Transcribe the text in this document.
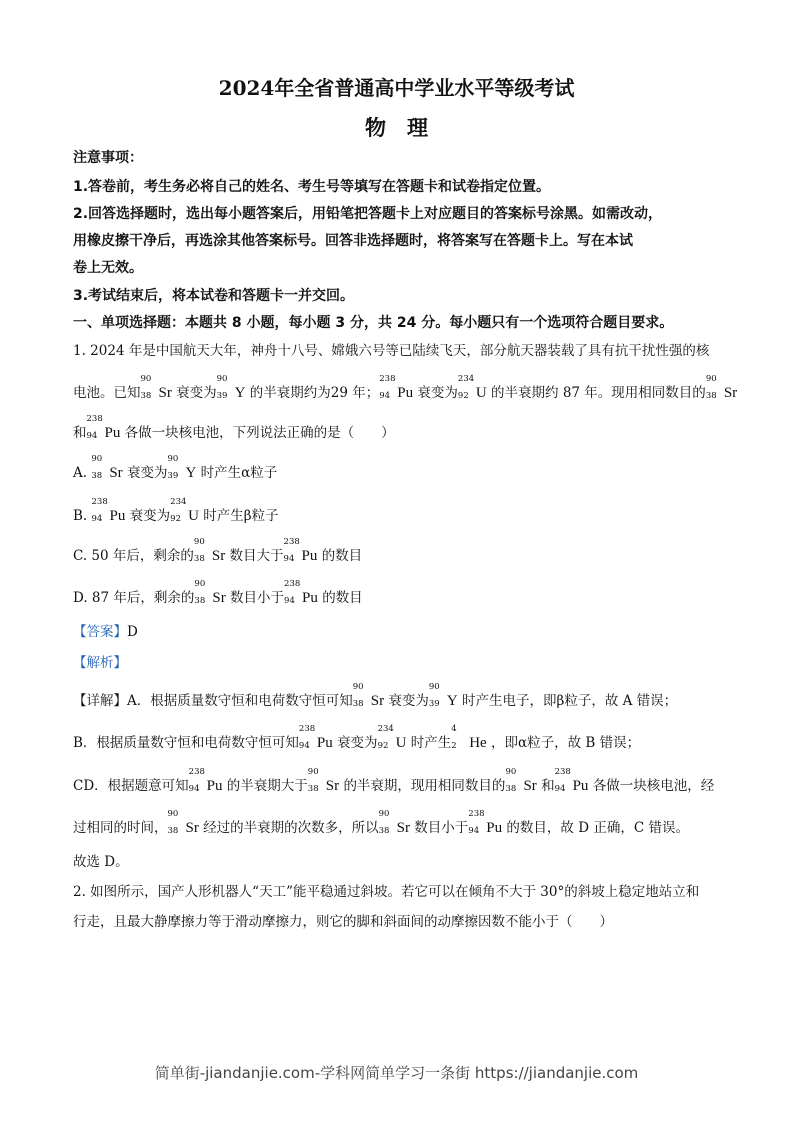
2024年全省普通高中学业水平等级考试
物　理
注意事项：
1.答卷前，考生务必将自己的姓名、考生号等填写在答题卡和试卷指定位置。
2.回答选择题时，选出每小题答案后，用铅笔把答题卡上对应题目的答案标号涂黑。如需改动，
用橡皮擦干净后，再选涂其他答案标号。回答非选择题时，将答案写在答题卡上。写在本试
卷上无效。
3.考试结束后，将本试卷和答题卡一并交回。
一、单项选择题：本题共 8 小题，每小题 3 分，共 24 分。每小题只有一个选项符合题目要求。
1. 2024 年是中国航天大年，神舟十八号、嫦娥六号等已陆续飞天，部分航天器装载了具有抗干扰性强的核
电池。已知
90
38 Sr 衰变为
90
39 Y 的半衰期约为29 年；
238
94 Pu 衰变为
234
92 U 的半衰期约 87 年。现用相同数目的
90
38 Sr
和
238
94 Pu 各做一块核电池，下列说法正确的是（　　）
A.
90
38 Sr 衰变为
90
39 Y 时产生α粒子
B.
238
94 Pu 衰变为
234
92 U 时产生β粒子
C. 50 年后，剩余的
90
38 Sr 数目大于
238
94 Pu 的数目
D. 87 年后，剩余的
90
38 Sr 数目小于
238
94 Pu 的数目
【答案】D
【解析】
【详解】A．根据质量数守恒和电荷数守恒可知
90
38 Sr 衰变为
90
39 Y 时产生电子，即β粒子，故 A 错误；
B．根据质量数守恒和电荷数守恒可知
238
94 Pu 衰变为
234
92 U 时产生
4
2 He ，即α粒子，故 B 错误；
CD．根据题意可知
238
94 Pu 的半衰期大于
90
38 Sr 的半衰期，现用相同数目的
90
38 Sr 和
238
94 Pu 各做一块核电池，经
过相同的时间，
90
38 Sr 经过的半衰期的次数多，所以
90
38 Sr 数目小于
238
94 Pu 的数目，故 D 正确，C 错误。
故选 D。
2. 如图所示，国产人形机器人“天工”能平稳通过斜坡。若它可以在倾角不大于 30°的斜坡上稳定地站立和
行走，且最大静摩擦力等于滑动摩擦力，则它的脚和斜面间的动摩擦因数不能小于（　　）
简单街-jiandanjie.com-学科网简单学习一条街 https://jiandanjie.com
